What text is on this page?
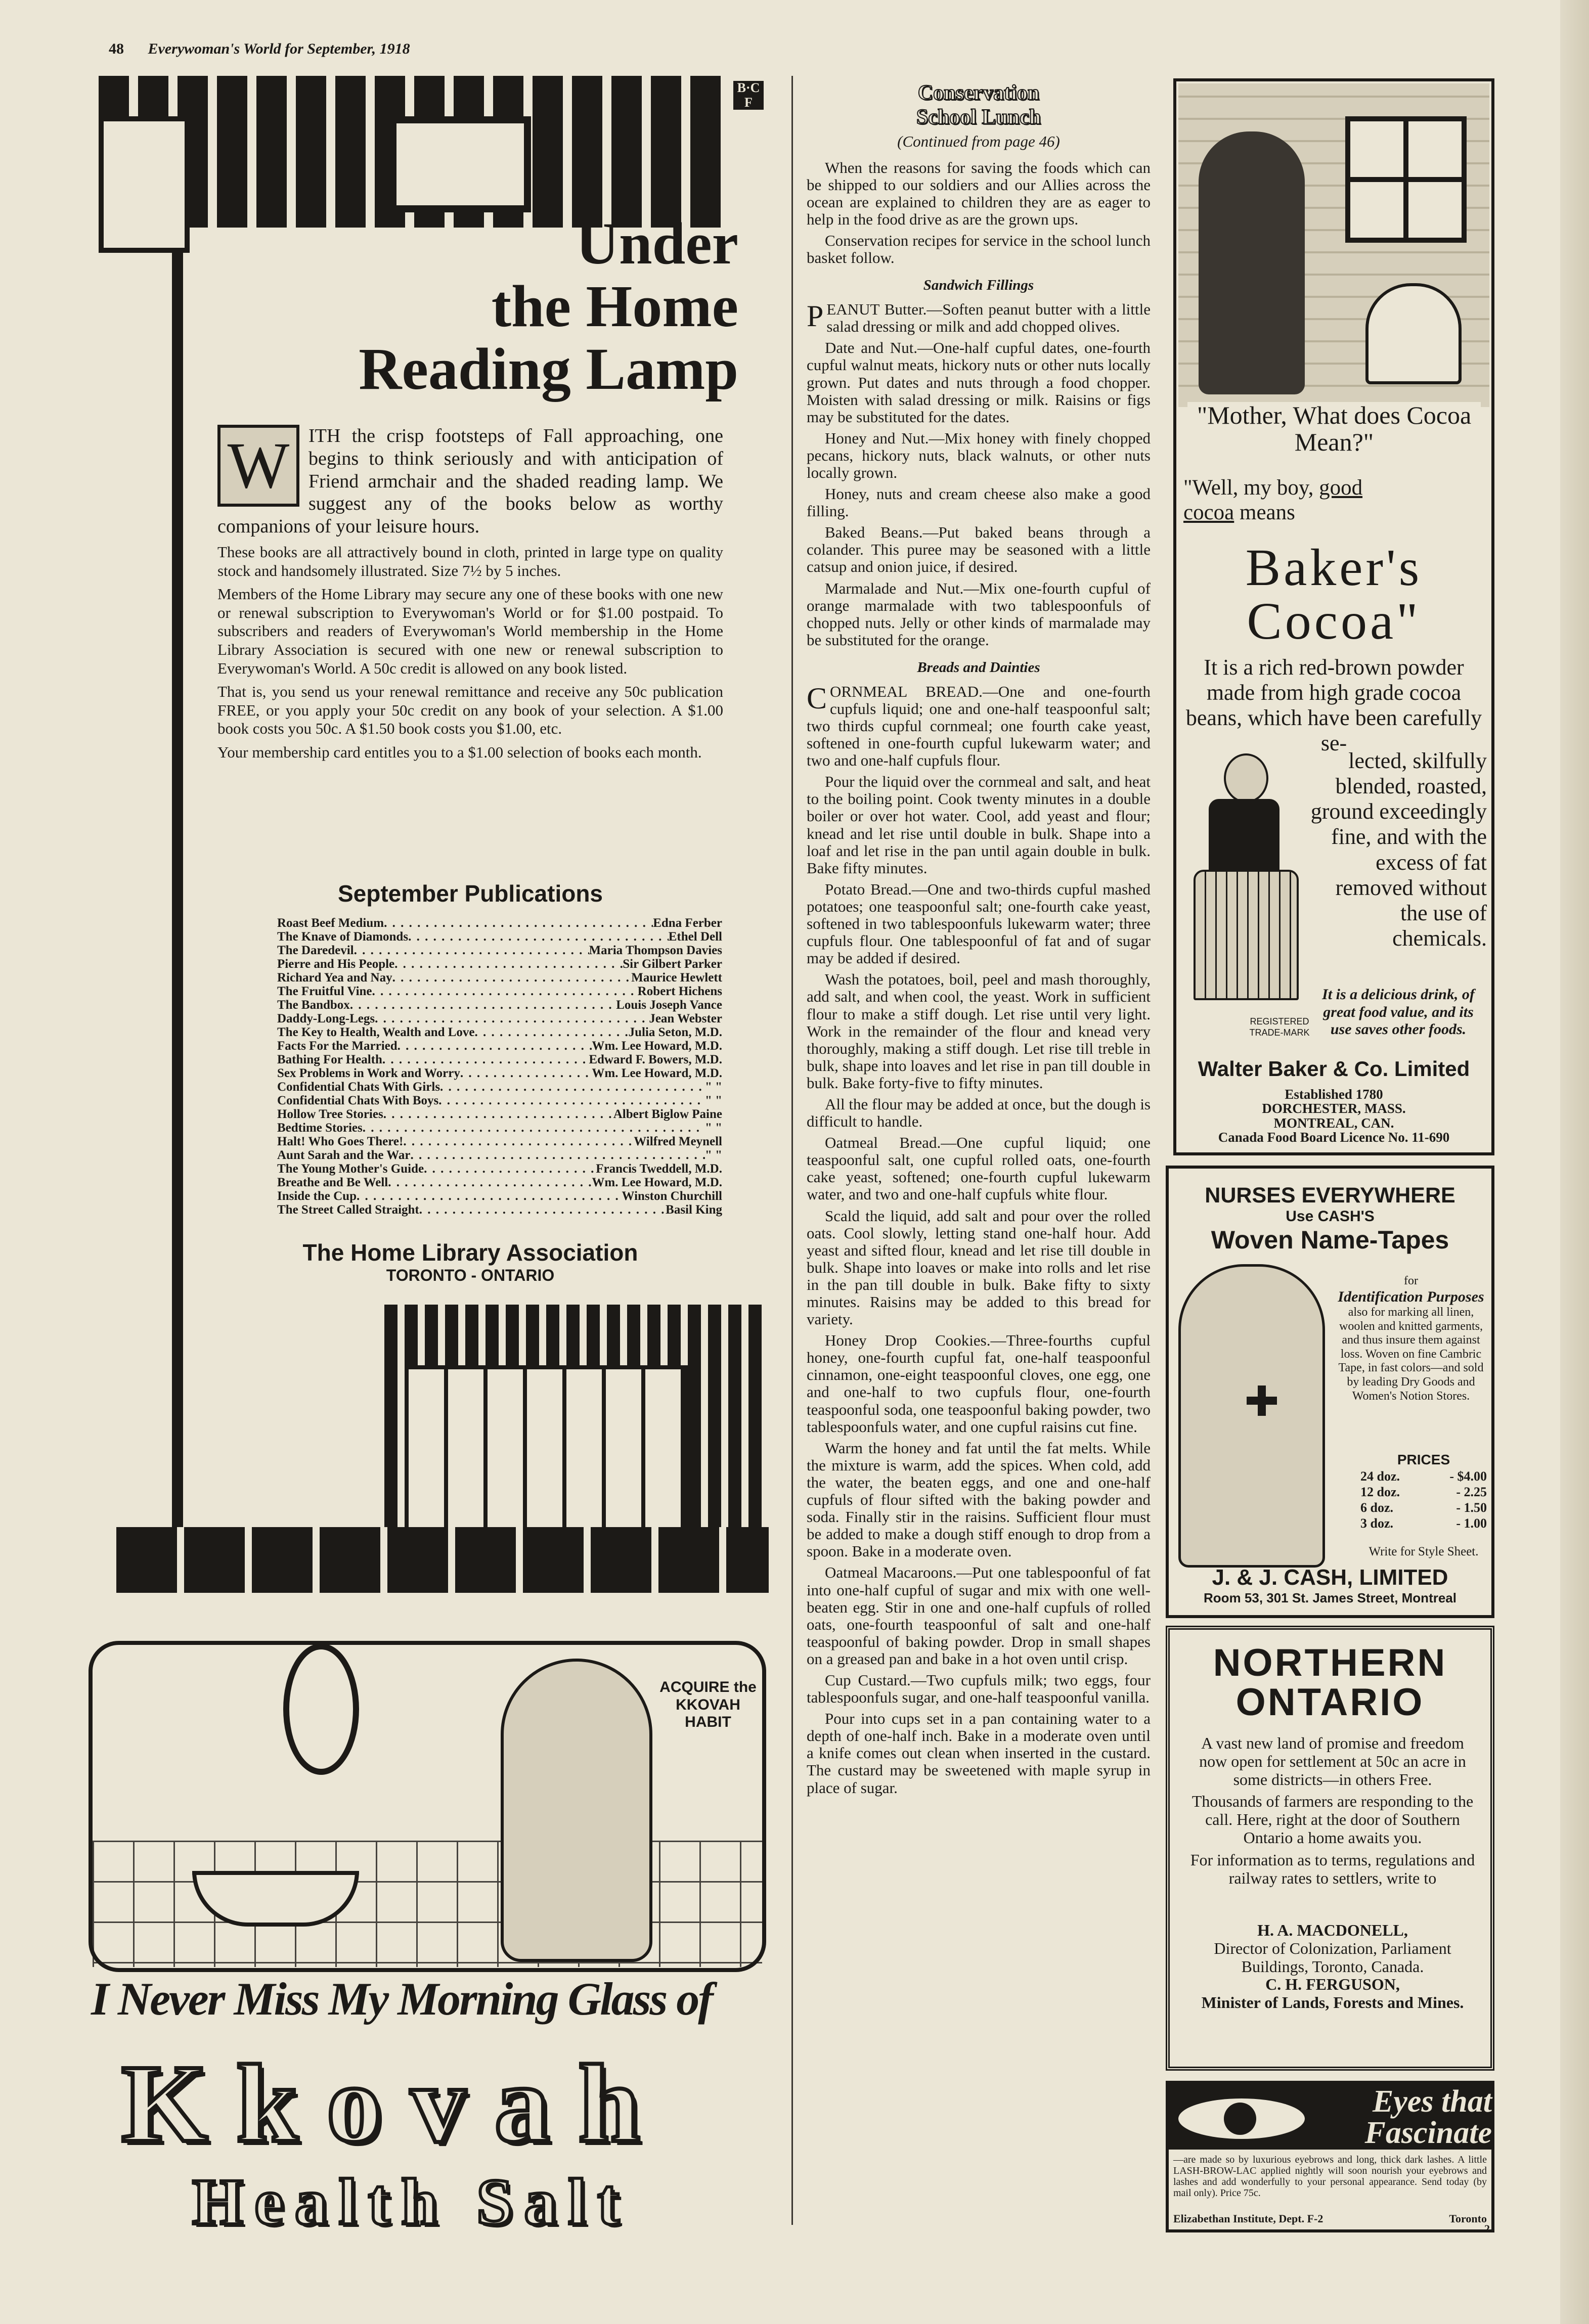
48 Everywoman's World for September, 1918
B·C
F
Under
the Home
Reading Lamp

W ITH the crisp footsteps of Fall approaching, one begins to think seriously and with anticipation of Friend armchair and the shaded reading lamp. We suggest any of the books below as worthy companions of your leisure hours.

These books are all attractively bound in cloth, printed in large type on quality stock and handsomely illustrated. Size 7½ by 5 inches.

Members of the Home Library may secure any one of these books with one new or renewal subscription to Everywoman's World or for $1.00 postpaid. To subscribers and readers of Everywoman's World membership in the Home Library Association is secured with one new or renewal subscription to Everywoman's World. A 50c credit is allowed on any book listed.

That is, you send us your renewal remittance and receive any 50c publication FREE, or you apply your 50c credit on any book of your selection. A $1.00 book costs you 50c. A $1.50 book costs you $1.00, etc.

Your membership card entitles you to a $1.00 selection of books each month.

September Publications
Roast Beef Medium . . .	Edna Ferber
The Knave of Diamonds . . .	Ethel Dell
The Daredevil . . .	Maria Thompson Davies
Pierre and His People . . .	Sir Gilbert Parker
Richard Yea and Nay . . .	Maurice Hewlett
The Fruitful Vine . . .	Robert Hichens
The Bandbox . . .	Louis Joseph Vance
Daddy-Long-Legs . . .	Jean Webster
The Key to Health, Wealth and Love . . .	Julia Seton, M.D.
Facts For the Married . . .	Wm. Lee Howard, M.D.
Bathing For Health . . .	Edward F. Bowers, M.D.
Sex Problems in Work and Worry . . .	Wm. Lee Howard, M.D.
Confidential Chats With Girls . . .	" "
Confidential Chats With Boys . . .	" "
Hollow Tree Stories . . .	Albert Biglow Paine
Bedtime Stories . . .	" "
Halt! Who Goes There! . . .	Wilfred Meynell
Aunt Sarah and the War . . .	" "
The Young Mother's Guide . . .	Francis Tweddell, M.D.
Breathe and Be Well . . .	Wm. Lee Howard, M.D.
Inside the Cup . . .	Winston Churchill
The Street Called Straight . . .	Basil King
The Home Library Association
TORONTO - ONTARIO
ACQUIRE the KKOVAH HABIT
I Never Miss My Morning Glass of
Kkovah
Health Salt
Conservation
School Lunch
(Continued from page 46)

When the reasons for saving the foods which can be shipped to our soldiers and our Allies across the ocean are explained to children they are as eager to help in the food drive as are the grown ups.

Conservation recipes for service in the school lunch basket follow.

Sandwich Fillings

PEANUT Butter.—Soften peanut butter with a little salad dressing or milk and add chopped olives.

Date and Nut.—One-half cupful dates, one-fourth cupful walnut meats, hickory nuts or other nuts locally grown. Put dates and nuts through a food chopper. Moisten with salad dressing or milk. Raisins or figs may be substituted for the dates.

Honey and Nut.—Mix honey with finely chopped pecans, hickory nuts, black walnuts, or other nuts locally grown.

Honey, nuts and cream cheese also make a good filling.

Baked Beans.—Put baked beans through a colander. This puree may be seasoned with a little catsup and onion juice, if desired.

Marmalade and Nut.—Mix one-fourth cupful of orange marmalade with two tablespoonfuls of chopped nuts. Jelly or other kinds of marmalade may be substituted for the orange.

Breads and Dainties

CORNMEAL BREAD.—One and one-fourth cupfuls liquid; one and one-half teaspoonful salt; two thirds cupful cornmeal; one fourth cake yeast, softened in one-fourth cupful lukewarm water; and two and one-half cupfuls flour.

Pour the liquid over the cornmeal and salt, and heat to the boiling point. Cook twenty minutes in a double boiler or over hot water. Cool, add yeast and flour; knead and let rise until double in bulk. Shape into a loaf and let rise in the pan until again double in bulk. Bake fifty minutes.

Potato Bread.—One and two-thirds cupful mashed potatoes; one teaspoonful salt; one-fourth cake yeast, softened in two tablespoonfuls lukewarm water; three cupfuls flour. One tablespoonful of fat and of sugar may be added if desired.

Wash the potatoes, boil, peel and mash thoroughly, add salt, and when cool, the yeast. Work in sufficient flour to make a stiff dough. Let rise until very light. Work in the remainder of the flour and knead very thoroughly, making a stiff dough. Let rise till treble in bulk, shape into loaves and let rise in pan till double in bulk. Bake forty-five to fifty minutes.

All the flour may be added at once, but the dough is difficult to handle.

Oatmeal Bread.—One cupful liquid; one teaspoonful salt, one cupful rolled oats, one-fourth cake yeast, softened; one-fourth cupful lukewarm water, and two and one-half cupfuls white flour.

Scald the liquid, add salt and pour over the rolled oats. Cool slowly, letting stand one-half hour. Add yeast and sifted flour, knead and let rise till double in bulk. Shape into loaves or make into rolls and let rise in the pan till double in bulk. Bake fifty to sixty minutes. Raisins may be added to this bread for variety.

Honey Drop Cookies.—Three-fourths cupful honey, one-fourth cupful fat, one-half teaspoonful cinnamon, one-eight teaspoonful cloves, one egg, one and one-half to two cupfuls flour, one-fourth teaspoonful soda, one teaspoonful baking powder, two tablespoonfuls water, and one cupful raisins cut fine.

Warm the honey and fat until the fat melts. While the mixture is warm, add the spices. When cold, add the water, the beaten eggs, and one and one-half cupfuls of flour sifted with the baking powder and soda. Finally stir in the raisins. Sufficient flour must be added to make a dough stiff enough to drop from a spoon. Bake in a moderate oven.

Oatmeal Macaroons.—Put one tablespoonful of fat into one-half cupful of sugar and mix with one well-beaten egg. Stir in one and one-half cupfuls of rolled oats, one-fourth teaspoonful of salt and one-half teaspoonful of baking powder. Drop in small shapes on a greased pan and bake in a hot oven until crisp.

Cup Custard.—Two cupfuls milk; two eggs, four tablespoonfuls sugar, and one-half teaspoonful vanilla.

Pour into cups set in a pan containing water to a depth of one-half inch. Bake in a moderate oven until a knife comes out clean when inserted in the custard. The custard may be sweetened with maple syrup in place of sugar.

"Mother, What does Cocoa Mean?"
"Well, my boy, good
cocoa means
Baker's
Cocoa"
It is a rich red-brown powder made from high grade cocoa beans, which have been carefully se-
lected, skilfully blended, roasted, ground exceedingly fine, and with the excess of fat removed without the use of chemicals.
It is a delicious drink, of great food value, and its use saves other foods.
REGISTERED TRADE-MARK
Walter Baker & Co. Limited
Established 1780
DORCHESTER, MASS.
MONTREAL, CAN.
Canada Food Board Licence No. 11-690
NURSES EVERYWHERE
Use CASH'S
Woven Name-Tapes
for
Identification Purposes
also for marking all linen, woolen and knitted garments, and thus insure them against loss. Woven on fine Cambric Tape, in fast colors—and sold by leading Dry Goods and Women's Notion Stores.
PRICES
24 doz.	- $4.00
12 doz.	- 2.25
6 doz.	- 1.50
3 doz.	- 1.00
Write for Style Sheet.
J. & J. CASH, LIMITED
Room 53, 301 St. James Street, Montreal
NORTHERN ONTARIO

A vast new land of promise and freedom now open for settlement at 50c an acre in some districts—in others Free.

Thousands of farmers are responding to the call. Here, right at the door of Southern Ontario a home awaits you.

For information as to terms, regulations and railway rates to settlers, write to

H. A. MACDONELL,
Director of Colonization, Parliament Buildings, Toronto, Canada.
C. H. FERGUSON,
Minister of Lands, Forests and Mines.
Eyes that
Fascinate
—are made so by luxurious eyebrows and long, thick dark lashes. A little LASH-BROW-LAC applied nightly will soon nourish your eyebrows and lashes and add wonderfully to your personal appearance. Send today (by mail only). Price 75c.
Elizabethan Institute, Dept. F-2	Toronto
2
